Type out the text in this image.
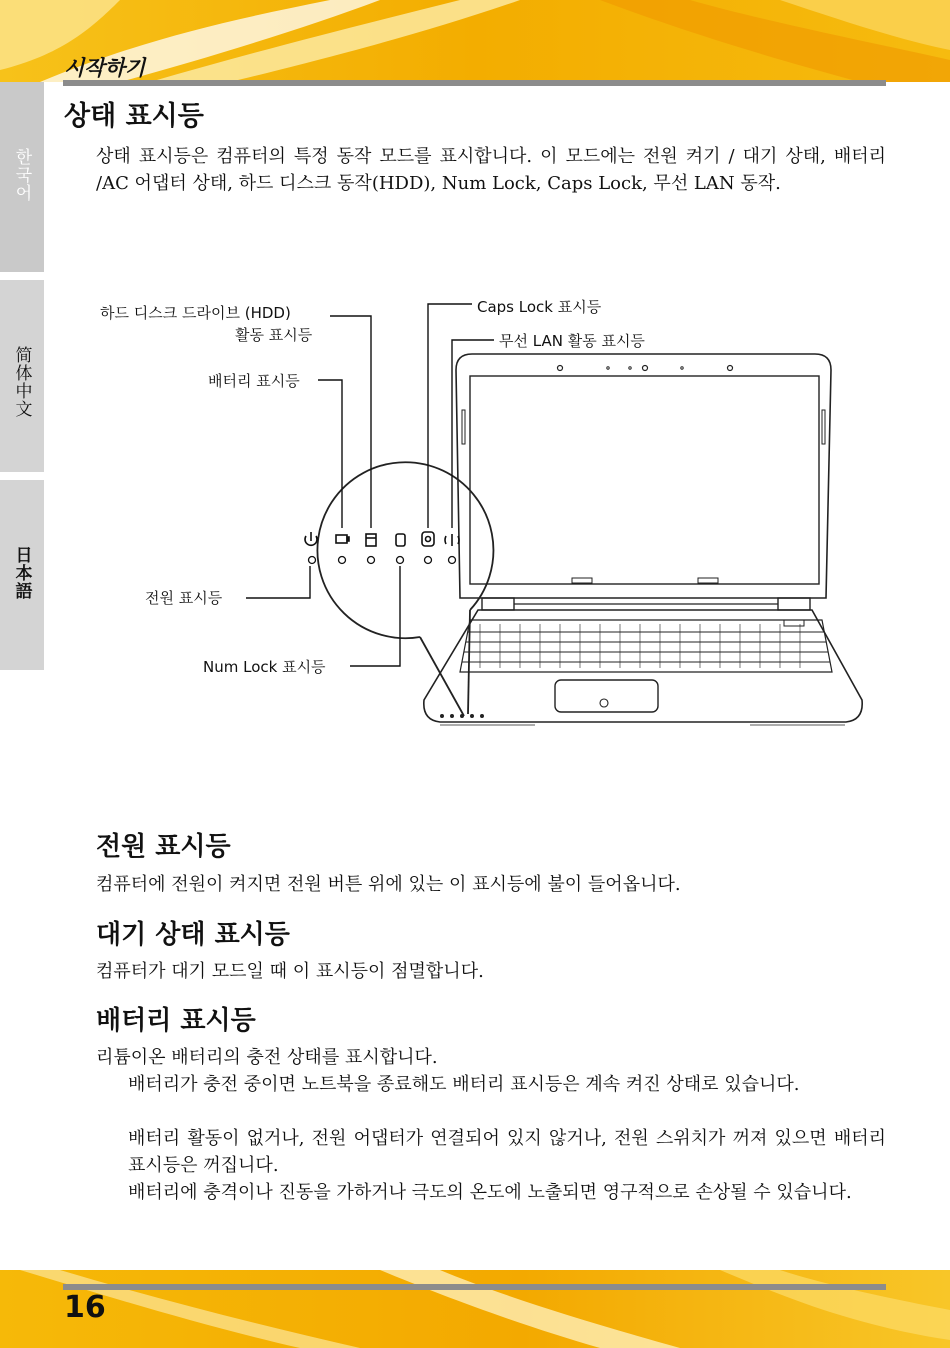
시작하기
한국어
简体中文
日本語
상태 표시등

상태 표시등은 컴퓨터의 특정 동작 모드를 표시합니다. 이 모드에는 전원 켜기 / 대기 상태, 배터리 /AC 어댑터 상태, 하드 디스크 동작(HDD), Num Lock, Caps Lock, 무선 LAN 동작.

하드 디스크 드라이브 (HDD)
활동 표시등
배터리 표시등
전원 표시등
Num Lock 표시등
Caps Lock 표시등
무선 LAN 활동 표시등
전원 표시등

컴퓨터에 전원이 켜지면 전원 버튼 위에 있는 이 표시등에 불이 들어옵니다.

대기 상태 표시등

컴퓨터가 대기 모드일 때 이 표시등이 점멸합니다.

배터리 표시등

리튬이온 배터리의 충전 상태를 표시합니다.

배터리가 충전 중이면 노트북을 종료해도 배터리 표시등은 계속 켜진 상태로 있습니다.

배터리 활동이 없거나, 전원 어댑터가 연결되어 있지 않거나, 전원 스위치가 꺼져 있으면 배터리 표시등은 꺼집니다.

배터리에 충격이나 진동을 가하거나 극도의 온도에 노출되면 영구적으로 손상될 수 있습니다.

16
